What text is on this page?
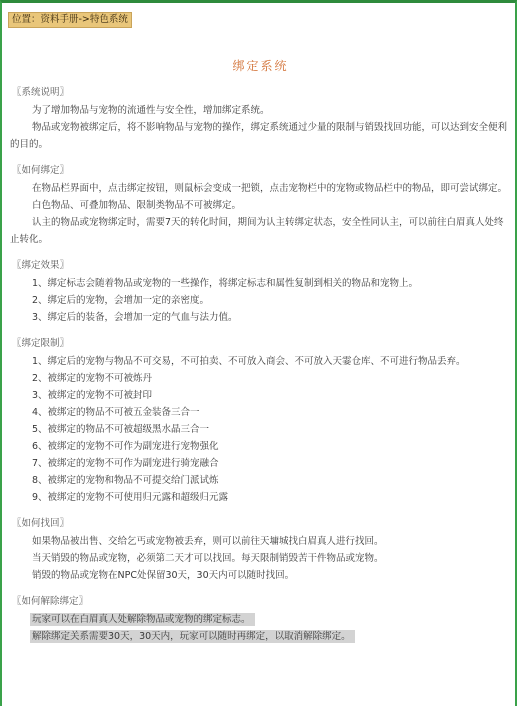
位置：资料手册->特色系统
绑定系统
〖系统说明〗

为了增加物品与宠物的流通性与安全性，增加绑定系统。

物品或宠物被绑定后，将不影响物品与宠物的操作，绑定系统通过少量的限制与销毁找回功能，可以达到安全便利的目的。

〖如何绑定〗

在物品栏界面中，点击绑定按钮，则鼠标会变成一把锁，点击宠物栏中的宠物或物品栏中的物品，即可尝试绑定。

白色物品、可叠加物品、限制类物品不可被绑定。

认主的物品或宠物绑定时，需要7天的转化时间，期间为认主转绑定状态，安全性同认主，可以前往白眉真人处终止转化。

〖绑定效果〗

1、绑定标志会随着物品或宠物的一些操作，将绑定标志和属性复制到相关的物品和宠物上。

2、绑定后的宠物，会增加一定的亲密度。

3、绑定后的装备，会增加一定的气血与法力值。

〖绑定限制〗

1、绑定后的宠物与物品不可交易，不可拍卖、不可放入商会、不可放入天霎仓库、不可进行物品丢弃。

2、被绑定的宠物不可被炼丹

3、被绑定的宠物不可被封印

4、被绑定的物品不可被五金装备三合一

5、被绑定的物品不可被超级黑水晶三合一

6、被绑定的宠物不可作为副宠进行宠物强化

7、被绑定的宠物不可作为副宠进行骑宠融合

8、被绑定的宠物和物品不可提交给门派试炼

9、被绑定的宠物不可使用归元露和超级归元露

〖如何找回〗

如果物品被出售、交给乞丐或宠物被丢弃，则可以前往天墉城找白眉真人进行找回。

当天销毁的物品或宠物，必须第二天才可以找回。每天限制销毁苦干件物品或宠物。

销毁的物品或宠物在NPC处保留30天，30天内可以随时找回。

〖如何解除绑定〗

玩家可以在白眉真人处解除物品或宠物的绑定标志。

解除绑定关系需要30天，30天内，玩家可以随时再绑定，以取消解除绑定。
